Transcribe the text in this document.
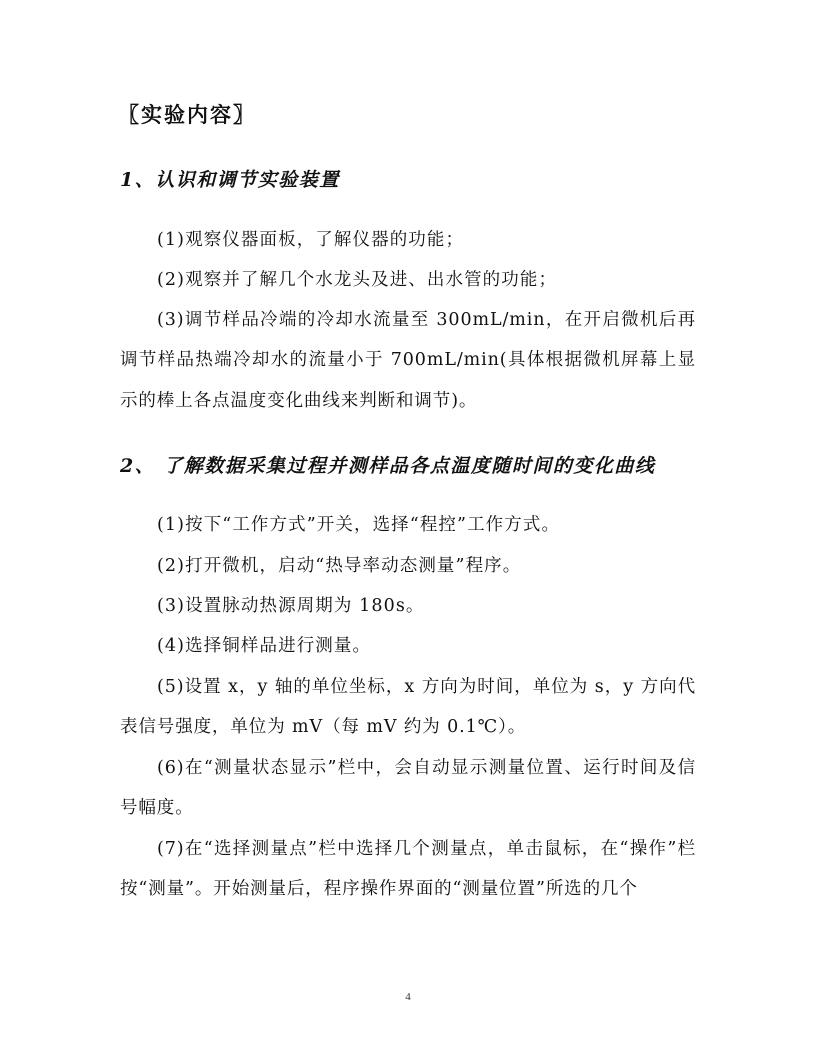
〖实验内容〗
1、认识和调节实验装置
(1)观察仪器面板，了解仪器的功能；
(2)观察并了解几个水龙头及进、出水管的功能；
(3)调节样品冷端的冷却水流量至 300mL/min，在开启微机后再调节样品热端冷却水的流量小于 700mL/min(具体根据微机屏幕上显示的棒上各点温度变化曲线来判断和调节)。
2、 了解数据采集过程并测样品各点温度随时间的变化曲线
(1)按下“工作方式”开关，选择“程控”工作方式。
(2)打开微机，启动“热导率动态测量”程序。
(3)设置脉动热源周期为 180s。
(4)选择铜样品进行测量。
(5)设置 x，y 轴的单位坐标，x 方向为时间，单位为 s，y 方向代表信号强度，单位为 mV（每 mV 约为 0.1℃）。
(6)在“测量状态显示”栏中，会自动显示测量位置、运行时间及信号幅度。
(7)在“选择测量点”栏中选择几个测量点，单击鼠标，在“操作”栏按“测量”。开始测量后，程序操作界面的“测量位置”所选的几个
4
